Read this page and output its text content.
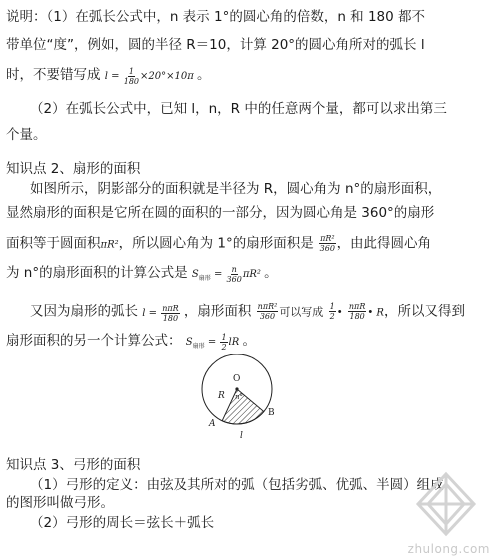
说明：（1）在弧长公式中，n 表示 1°的圆心角的倍数，n 和 180 都不
带单位“度”，例如，圆的半径 R＝10，计算 20°的圆心角所对的弧长 l
时，不要错写成 $l = \frac{1}{180} \times 20^\circ\times 10\pi$ 。
（2）在弧长公式中，已知 l，n，R 中的任意两个量，都可以求出第三
个量。
知识点 2、扇形的面积
如图所示，阴影部分的面积就是半径为 R，圆心角为 n°的扇形面积，
显然扇形的面积是它所在圆的面积的一部分，因为圆心角是 360°的扇形
面积等于圆面积πR²，所以圆心角为 1°的扇形面积是 $\frac{\text{πR²}}{360}$ ，由此得圆心角
为 n°的扇形面积的计算公式是 $S_{扇形} = \frac{n}{360} \pi R^2$ 。
又因为扇形的弧长 $l = \frac{\text{nπR}}{180}$ ，扇形面积 $\frac{\text{nπR²}}{360}$ 可以写成 $\frac{1}{2}$ • $\frac{\text{nπR}}{180}$ • R，所以又得到
扇形面积的另一个计算公式： $S_{扇形} = \frac{1}{2}$ lR 。
O
R n°
A
B
l
知识点 3、弓形的面积
（1）弓形的定义：由弦及其所对的弧（包括劣弧、优弧、半圆）组成
的图形叫做弓形。
（2）弓形的周长＝弦长＋弧长
zhulong.com
